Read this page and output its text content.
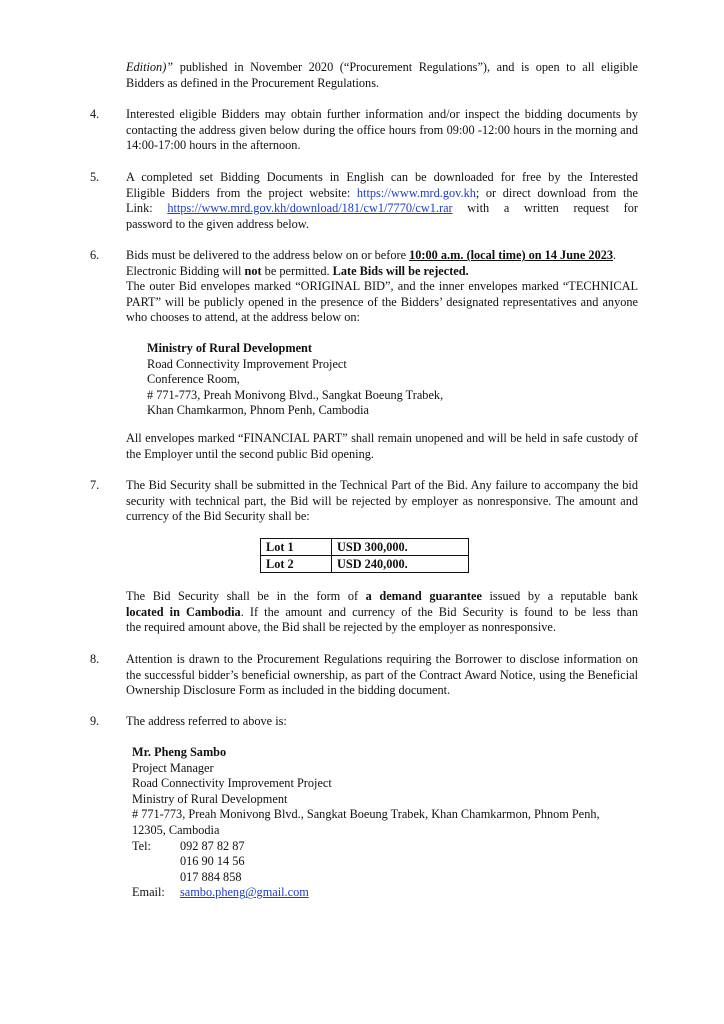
Edition)” published in November 2020 (“Procurement Regulations”), and is open to all eligible
Bidders as defined in the Procurement Regulations.
4. Interested eligible Bidders may obtain further information and/or inspect the bidding documents by contacting the address given below during the office hours from 09:00 -12:00 hours in the morning and 14:00-17:00 hours in the afternoon.
5. A completed set Bidding Documents in English can be downloaded for free by the Interested
Eligible Bidders from the project website: https://www.mrd.gov.kh; or direct download from the
Link: https://www.mrd.gov.kh/download/181/cw1/7770/cw1.rar with a written request for
password to the given address below.
6. Bids must be delivered to the address below on or before 10:00 a.m. (local time) on 14 June 2023.
Electronic Bidding will not be permitted. Late Bids will be rejected.
The outer Bid envelopes marked “ORIGINAL BID”, and the inner envelopes marked “TECHNICAL PART” will be publicly opened in the presence of the Bidders’ designated representatives and anyone who chooses to attend, at the address below on:
Ministry of Rural Development
Road Connectivity Improvement Project
Conference Room,
# 771-773, Preah Monivong Blvd., Sangkat Boeung Trabek,
Khan Chamkarmon, Phnom Penh, Cambodia
All envelopes marked “FINANCIAL PART” shall remain unopened and will be held in safe custody of the Employer until the second public Bid opening.
7. The Bid Security shall be submitted in the Technical Part of the Bid. Any failure to accompany the bid security with technical part, the Bid will be rejected by employer as nonresponsive. The amount and currency of the Bid Security shall be:
Lot 1	USD 300,000.
Lot 2	USD 240,000.
The Bid Security shall be in the form of a demand guarantee issued by a reputable bank
located in Cambodia. If the amount and currency of the Bid Security is found to be less than
the required amount above, the Bid shall be rejected by the employer as nonresponsive.
8. Attention is drawn to the Procurement Regulations requiring the Borrower to disclose information on the successful bidder’s beneficial ownership, as part of the Contract Award Notice, using the Beneficial Ownership Disclosure Form as included in the bidding document.
9. The address referred to above is:
Mr. Pheng Sambo
Project Manager
Road Connectivity Improvement Project
Ministry of Rural Development
# 771-773, Preah Monivong Blvd., Sangkat Boeung Trabek, Khan Chamkarmon, Phnom Penh,
12305, Cambodia
Tel: 092 87 82 87
016 90 14 56
017 884 858
Email: sambo.pheng@gmail.com
